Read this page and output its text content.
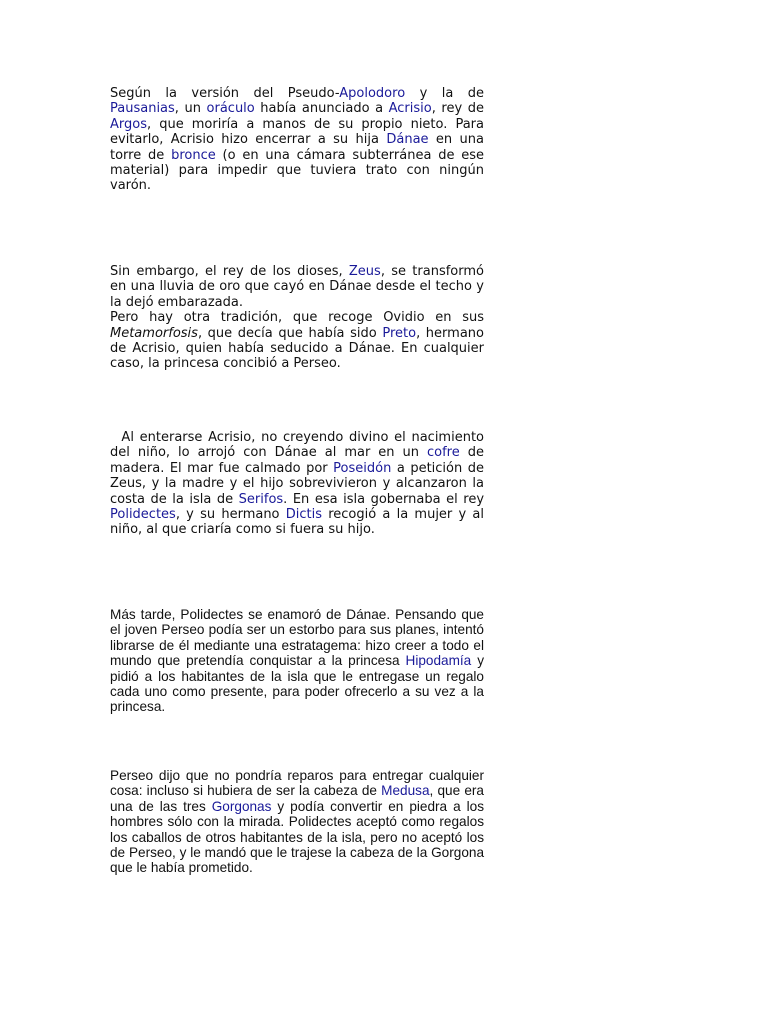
Según la versión del Pseudo-Apolodoro y la de Pausanias, un oráculo había anunciado a Acrisio, rey de Argos, que moriría a manos de su propio nieto. Para evitarlo, Acrisio hizo encerrar a su hija Dánae en una torre de bronce (o en una cámara subterránea de ese material) para impedir que tuviera trato con ningún varón.

Sin embargo, el rey de los dioses, Zeus, se transformó en una lluvia de oro que cayó en Dánae desde el techo y la dejó embarazada.
Pero hay otra tradición, que recoge Ovidio en sus Metamorfosis, que decía que había sido Preto, hermano de Acrisio, quien había seducido a Dánae. En cualquier caso, la princesa concibió a Perseo.

Al enterarse Acrisio, no creyendo divino el nacimiento del niño, lo arrojó con Dánae al mar en un cofre de madera. El mar fue calmado por Poseidón a petición de Zeus, y la madre y el hijo sobrevivieron y alcanzaron la costa de la isla de Serifos. En esa isla gobernaba el rey Polidectes, y su hermano Dictis recogió a la mujer y al niño, al que criaría como si fuera su hijo.

Más tarde, Polidectes se enamoró de Dánae. Pensando que el joven Perseo podía ser un estorbo para sus planes, intentó librarse de él mediante una estratagema: hizo creer a todo el mundo que pretendía conquistar a la princesa Hipodamía y pidió a los habitantes de la isla que le entregase un regalo cada uno como presente, para poder ofrecerlo a su vez a la princesa.

Perseo dijo que no pondría reparos para entregar cualquier cosa: incluso si hubiera de ser la cabeza de Medusa, que era una de las tres Gorgonas y podía convertir en piedra a los hombres sólo con la mirada. Polidectes aceptó como regalos los caballos de otros habitantes de la isla, pero no aceptó los de Perseo, y le mandó que le trajese la cabeza de la Gorgona que le había prometido.
